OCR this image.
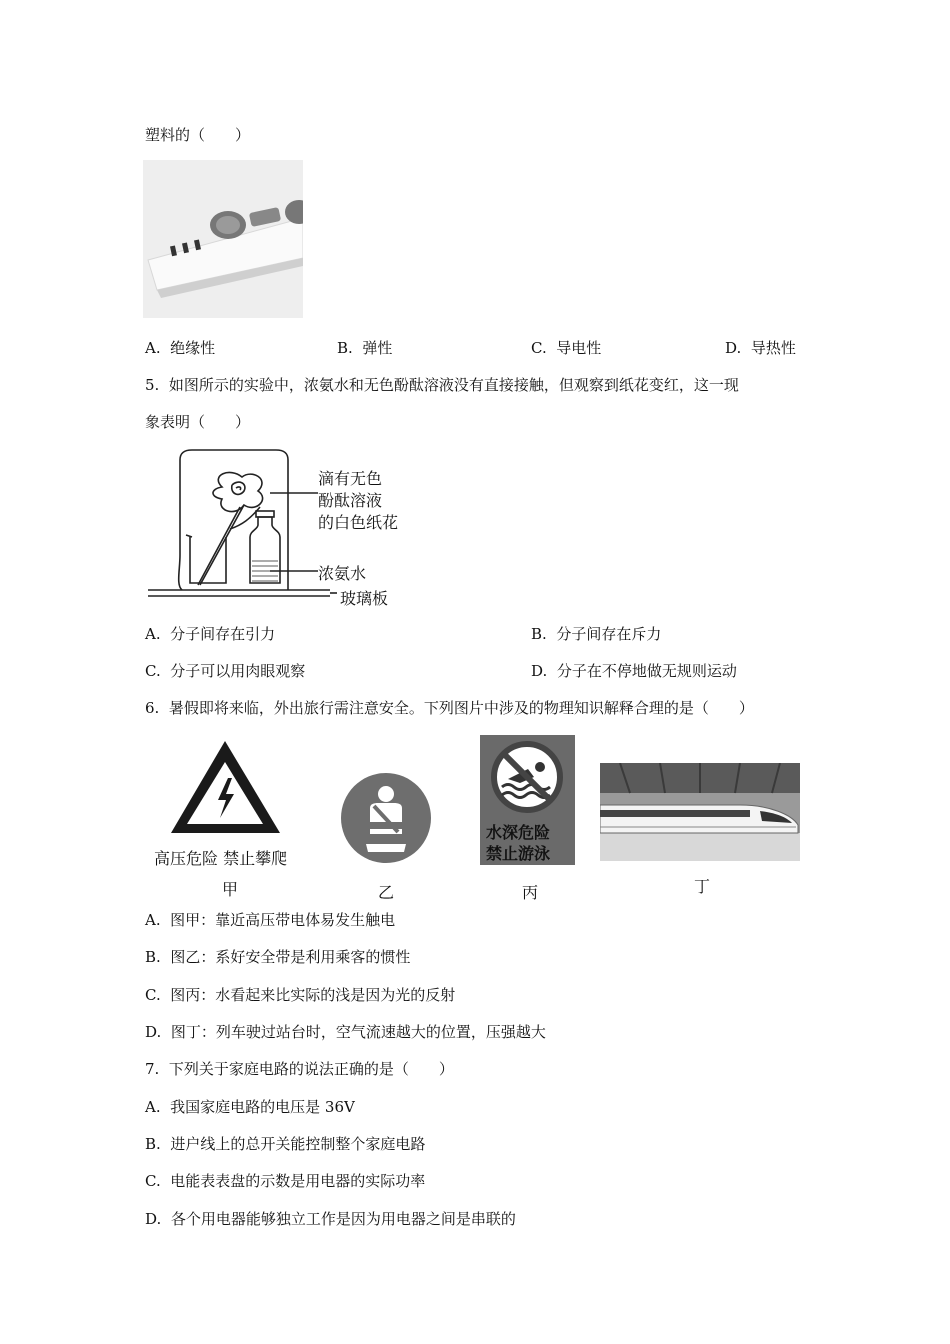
塑料的（　　）
A. 绝缘性	B. 弹性	C. 导电性	D. 导热性
5. 如图所示的实验中，浓氨水和无色酚酞溶液没有直接接触，但观察到纸花变红，这一现
象表明（　　）
滴有无色
酚酞溶液
的白色纸花
浓氨水
玻璃板
A. 分子间存在引力	B. 分子间存在斥力
C. 分子可以用肉眼观察	D. 分子在不停地做无规则运动
6. 暑假即将来临，外出旅行需注意安全。下列图片中涉及的物理知识解释合理的是（　　）
高压危险 禁止攀爬
甲	乙
水深危险
禁止游泳
丙	丁
A. 图甲：靠近高压带电体易发生触电
B. 图乙：系好安全带是利用乘客的惯性
C. 图丙：水看起来比实际的浅是因为光的反射
D. 图丁：列车驶过站台时，空气流速越大的位置，压强越大
7. 下列关于家庭电路的说法正确的是（　　）
A. 我国家庭电路的电压是 36V
B. 进户线上的总开关能控制整个家庭电路
C. 电能表表盘的示数是用电器的实际功率
D. 各个用电器能够独立工作是因为用电器之间是串联的
